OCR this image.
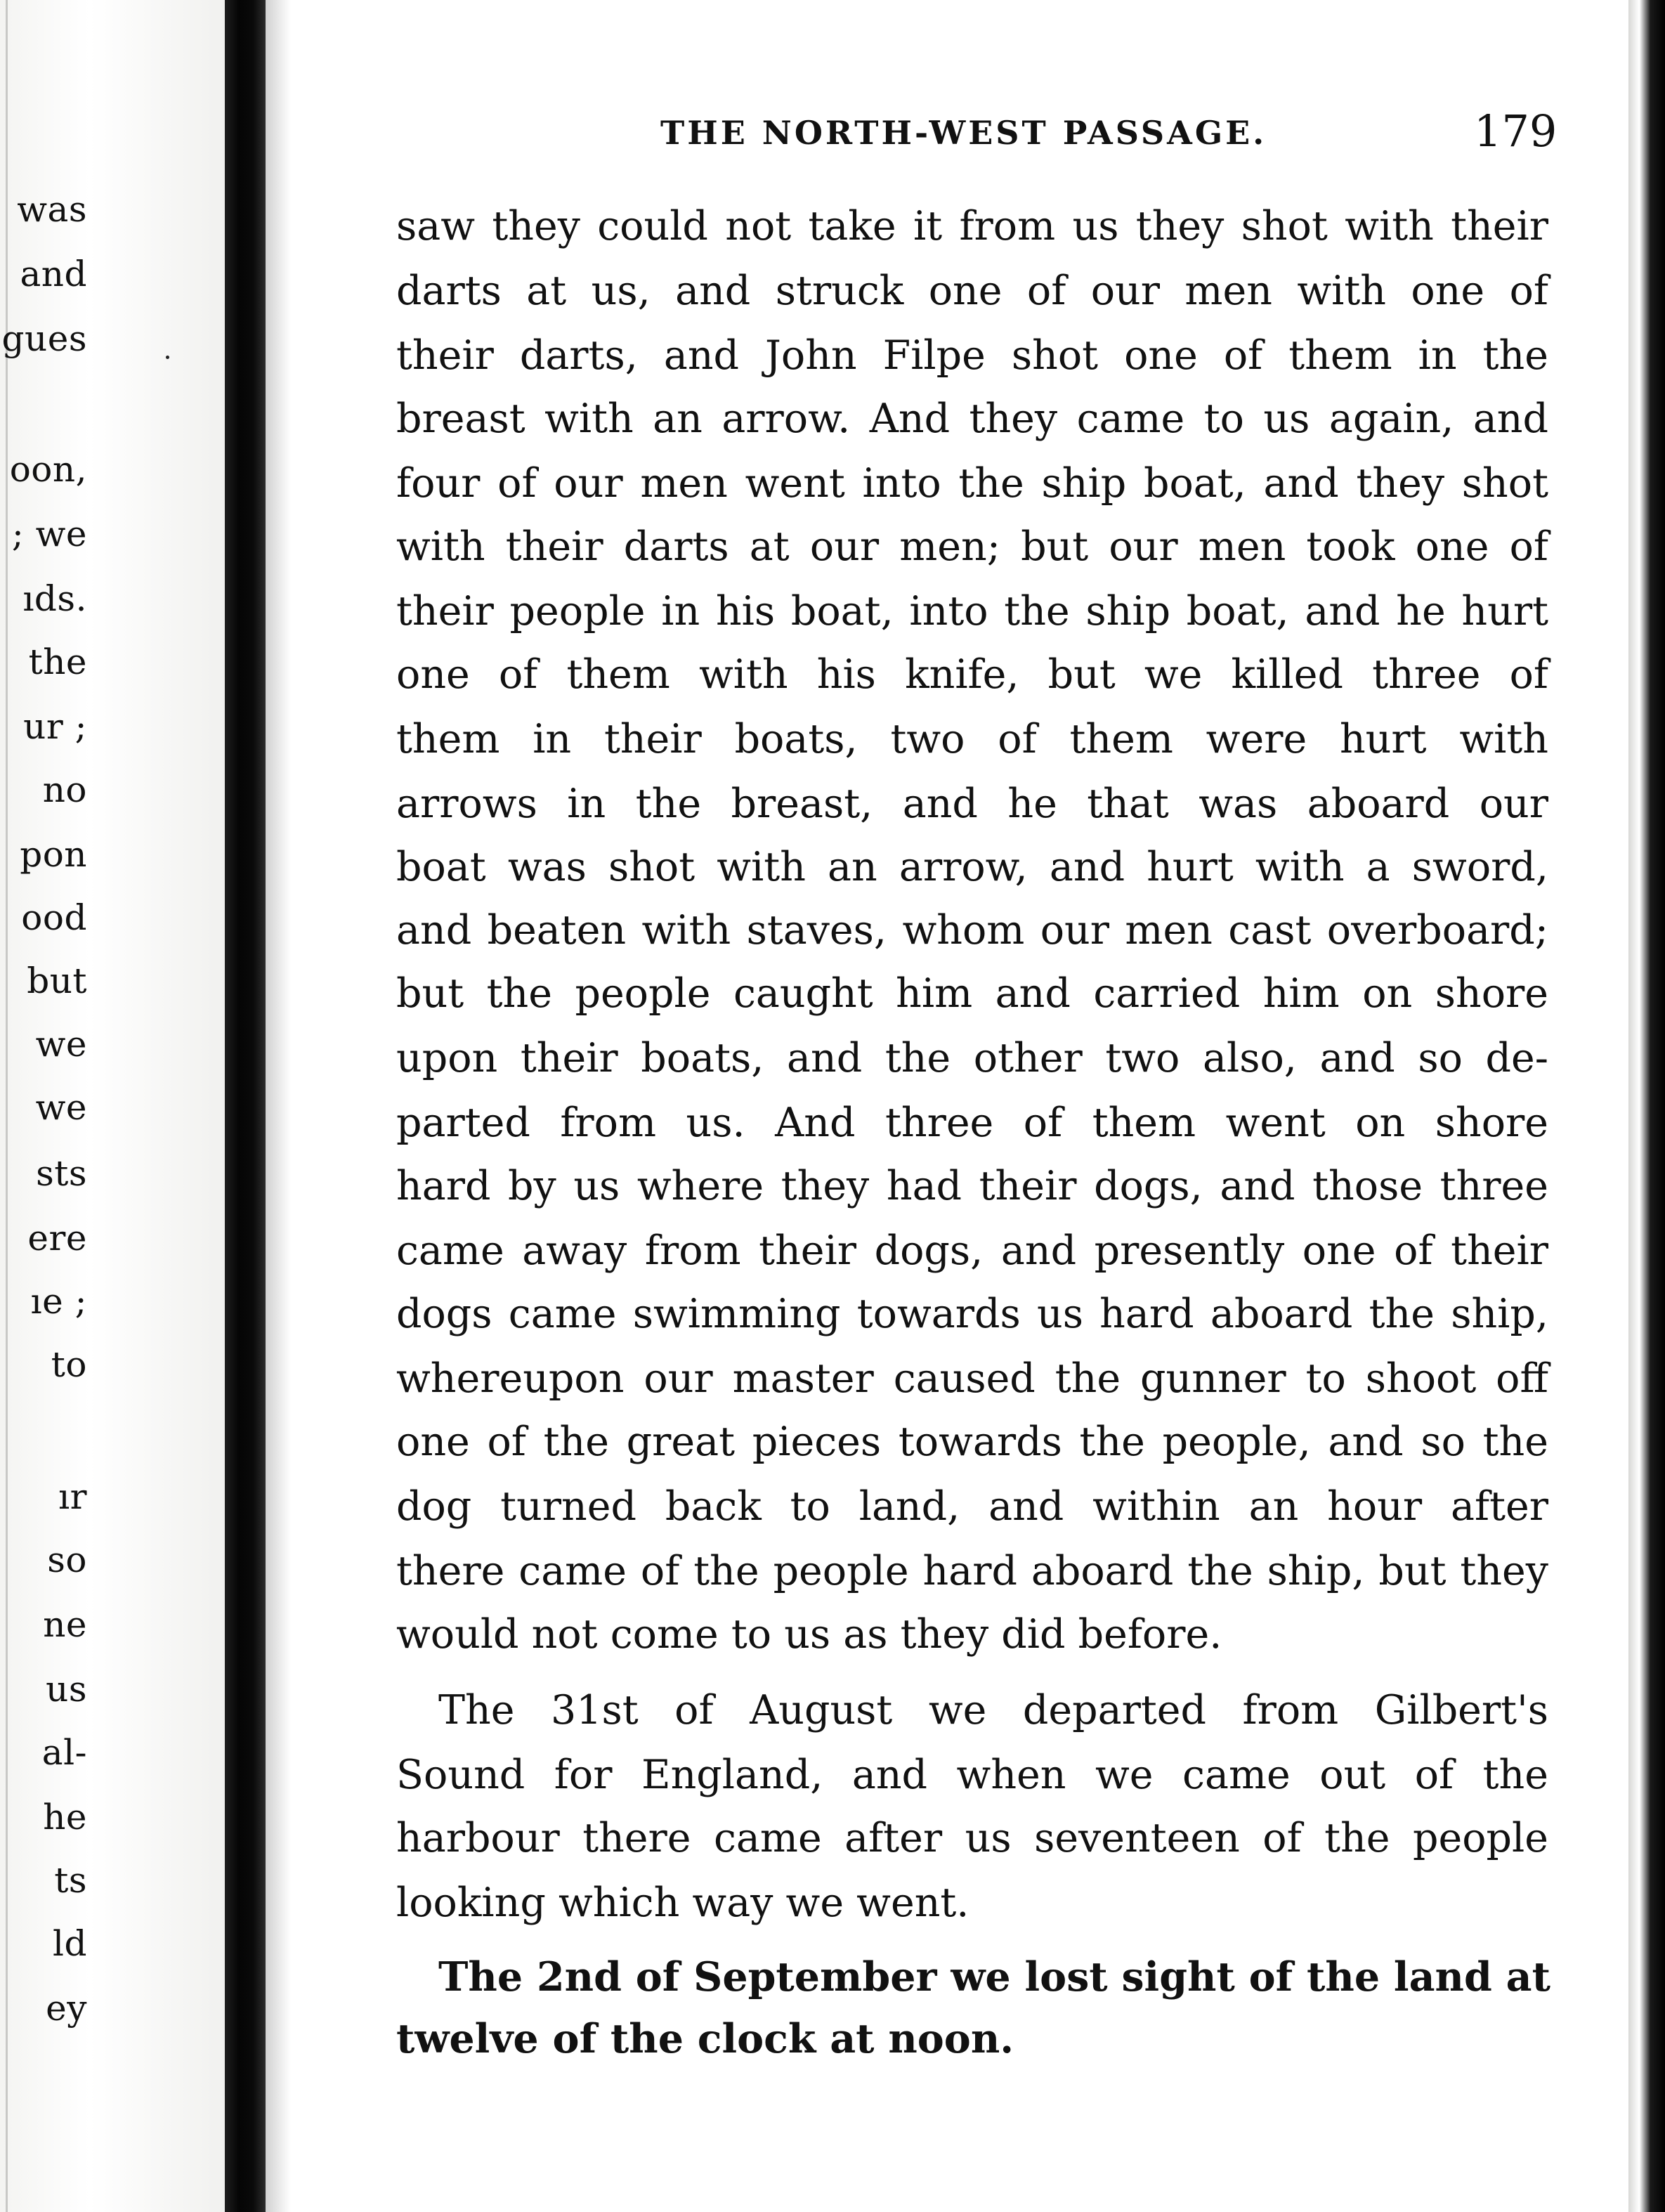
was
and
gues
oon,
; we
ıds.
the
ur ;
no
pon
ood
but
we
we
sts
ere
ıe ;
to
ır
so
ne
us
al-
he
ts
ld
ey
THE NORTH-WEST PASSAGE.	179
saw they could not take it from us they shot with their
darts at us, and struck one of our men with one of
their darts, and John Filpe shot one of them in the
breast with an arrow. And they came to us again, and
four of our men went into the ship boat, and they shot
with their darts at our men; but our men took one of
their people in his boat, into the ship boat, and he hurt
one of them with his knife, but we killed three of
them in their boats, two of them were hurt with
arrows in the breast, and he that was aboard our
boat was shot with an arrow, and hurt with a sword,
and beaten with staves, whom our men cast overboard;
but the people caught him and carried him on shore
upon their boats, and the other two also, and so de-
parted from us. And three of them went on shore
hard by us where they had their dogs, and those three
came away from their dogs, and presently one of their
dogs came swimming towards us hard aboard the ship,
whereupon our master caused the gunner to shoot off
one of the great pieces towards the people, and so the
dog turned back to land, and within an hour after
there came of the people hard aboard the ship, but they
would not come to us as they did before.
The 31st of August we departed from Gilbert's
Sound for England, and when we came out of the
harbour there came after us seventeen of the people
looking which way we went.
The 2nd of September we lost sight of the land at
twelve of the clock at noon.
